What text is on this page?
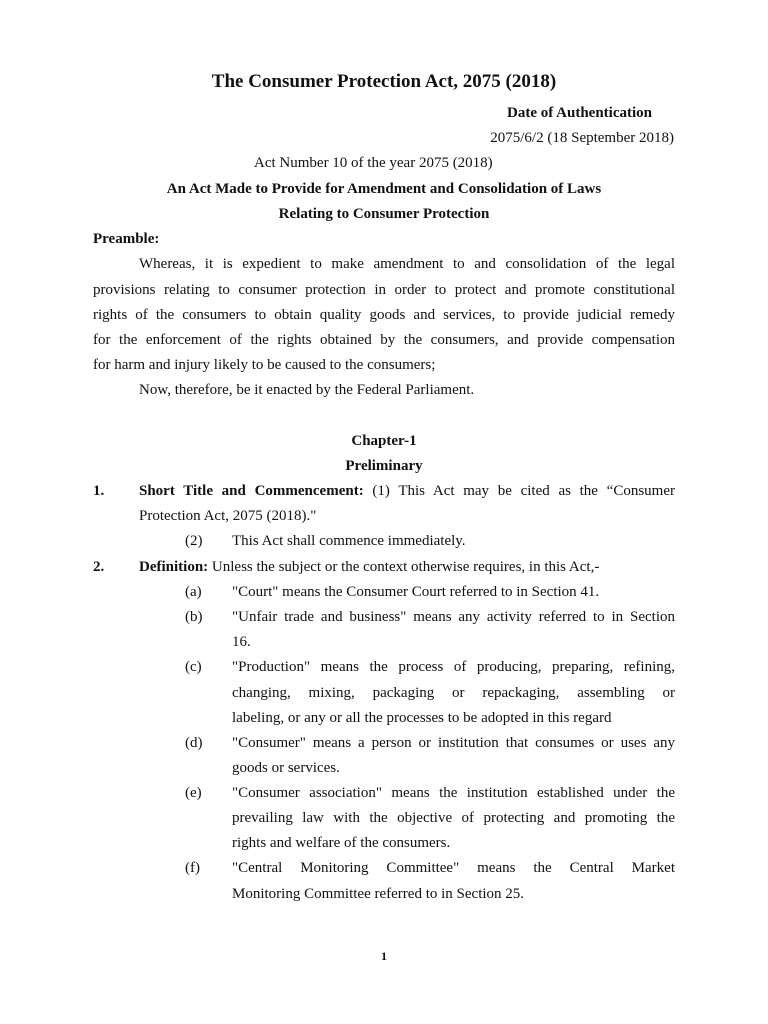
The Consumer Protection Act, 2075 (2018)
Date of Authentication
2075/6/2 (18 September 2018)
Act Number 10 of the year 2075 (2018)
An Act Made to Provide for Amendment and Consolidation of Laws
Relating to Consumer Protection
Preamble:
Whereas, it is expedient to make amendment to and consolidation of the legal
provisions relating to consumer protection in order to protect and promote constitutional
rights of the consumers to obtain quality goods and services, to provide judicial remedy
for the enforcement of the rights obtained by the consumers, and provide compensation
for harm and injury likely to be caused to the consumers;
Now, therefore, be it enacted by the Federal Parliament.
Chapter-1
Preliminary
1. Short Title and Commencement: (1) This Act may be cited as the “Consumer
Protection Act, 2075 (2018)."
(2) This Act shall commence immediately.
2. Definition: Unless the subject or the context otherwise requires, in this Act,-
(a) "Court" means the Consumer Court referred to in Section 41.
(b) "Unfair trade and business" means any activity referred to in Section
16.
(c) "Production" means the process of producing, preparing, refining,
changing, mixing, packaging or repackaging, assembling or
labeling, or any or all the processes to be adopted in this regard
(d) "Consumer" means a person or institution that consumes or uses any
goods or services.
(e) "Consumer association" means the institution established under the
prevailing law with the objective of protecting and promoting the
rights and welfare of the consumers.
(f) "Central Monitoring Committee" means the Central Market
Monitoring Committee referred to in Section 25.
1
